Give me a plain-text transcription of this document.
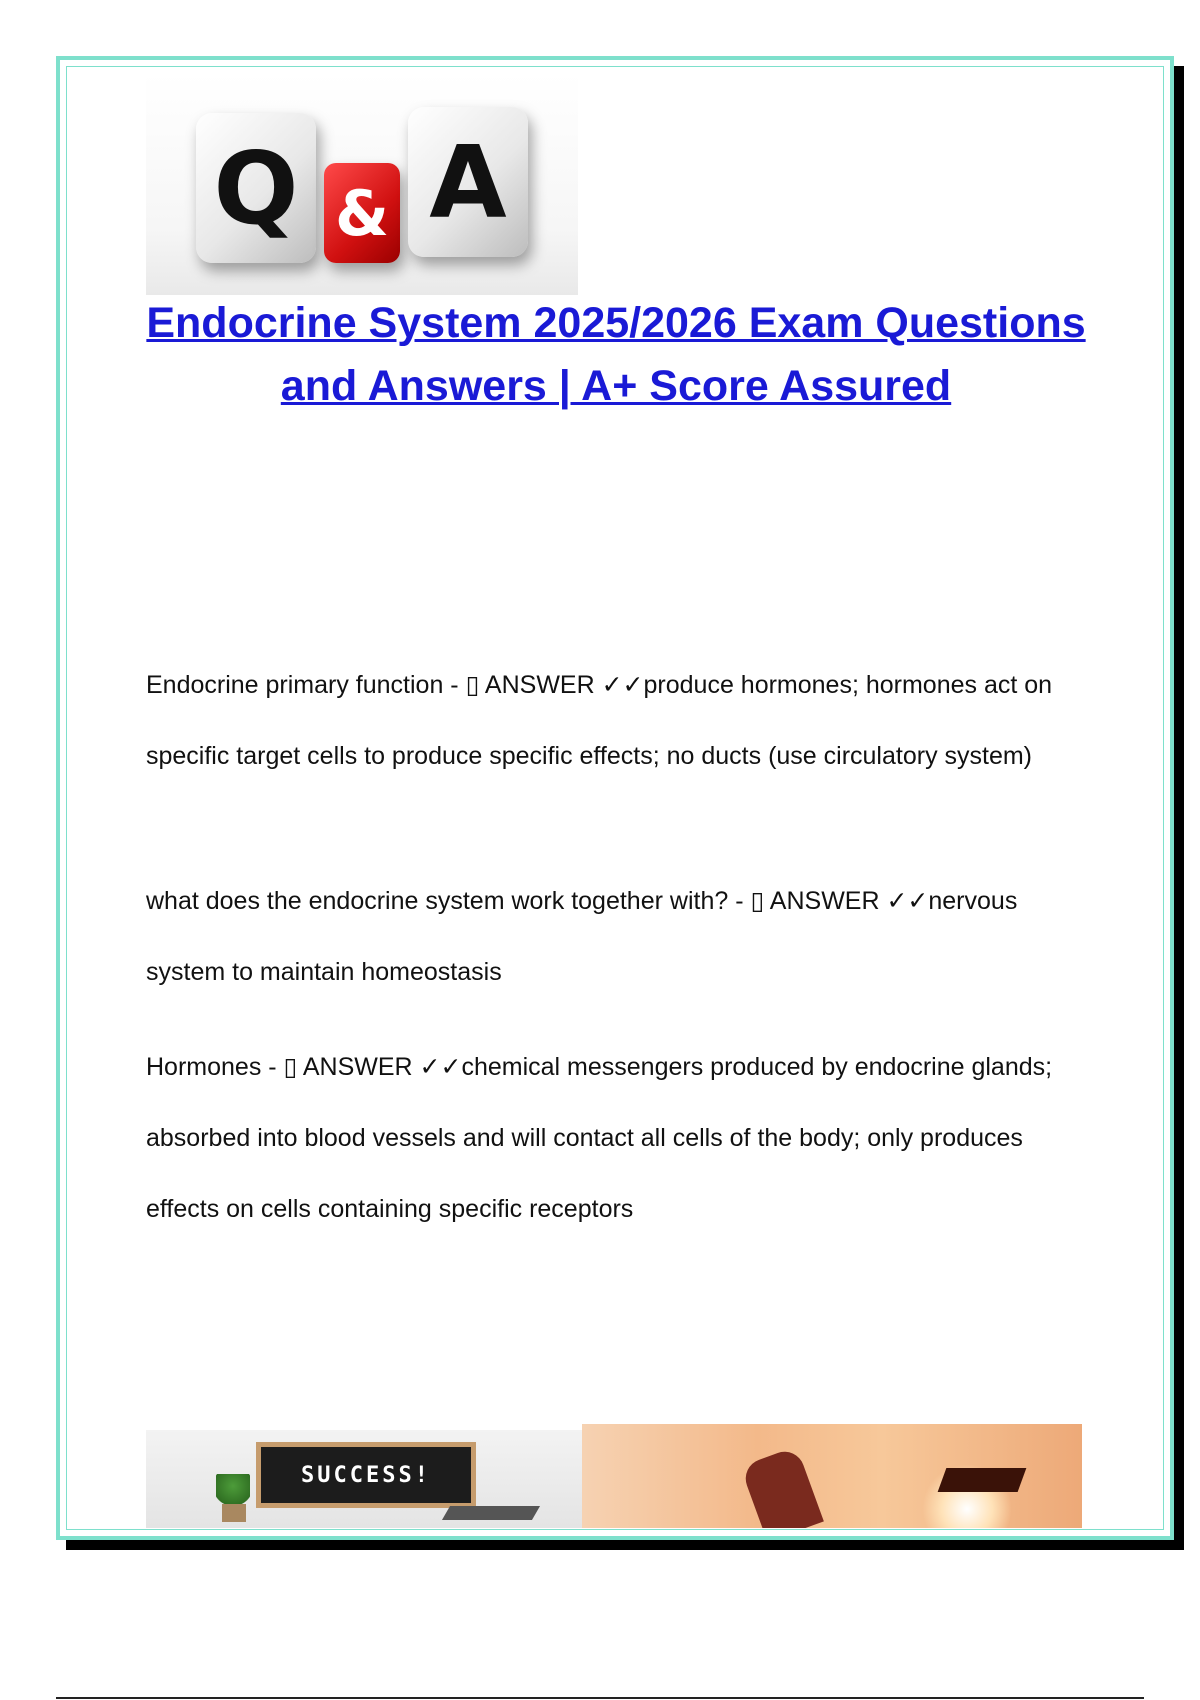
Q & A
Endocrine System 2025/2026 Exam Questions and Answers | A+ Score Assured

Endocrine primary function - ▯ ANSWER ✓✓produce hormones; hormones act on specific target cells to produce specific effects; no ducts (use circulatory system)

what does the endocrine system work together with? - ▯ ANSWER ✓✓nervous system to maintain homeostasis

Hormones - ▯ ANSWER ✓✓chemical messengers produced by endocrine glands; absorbed into blood vessels and will contact all cells of the body; only produces effects on cells containing specific receptors

SUCCESS!
